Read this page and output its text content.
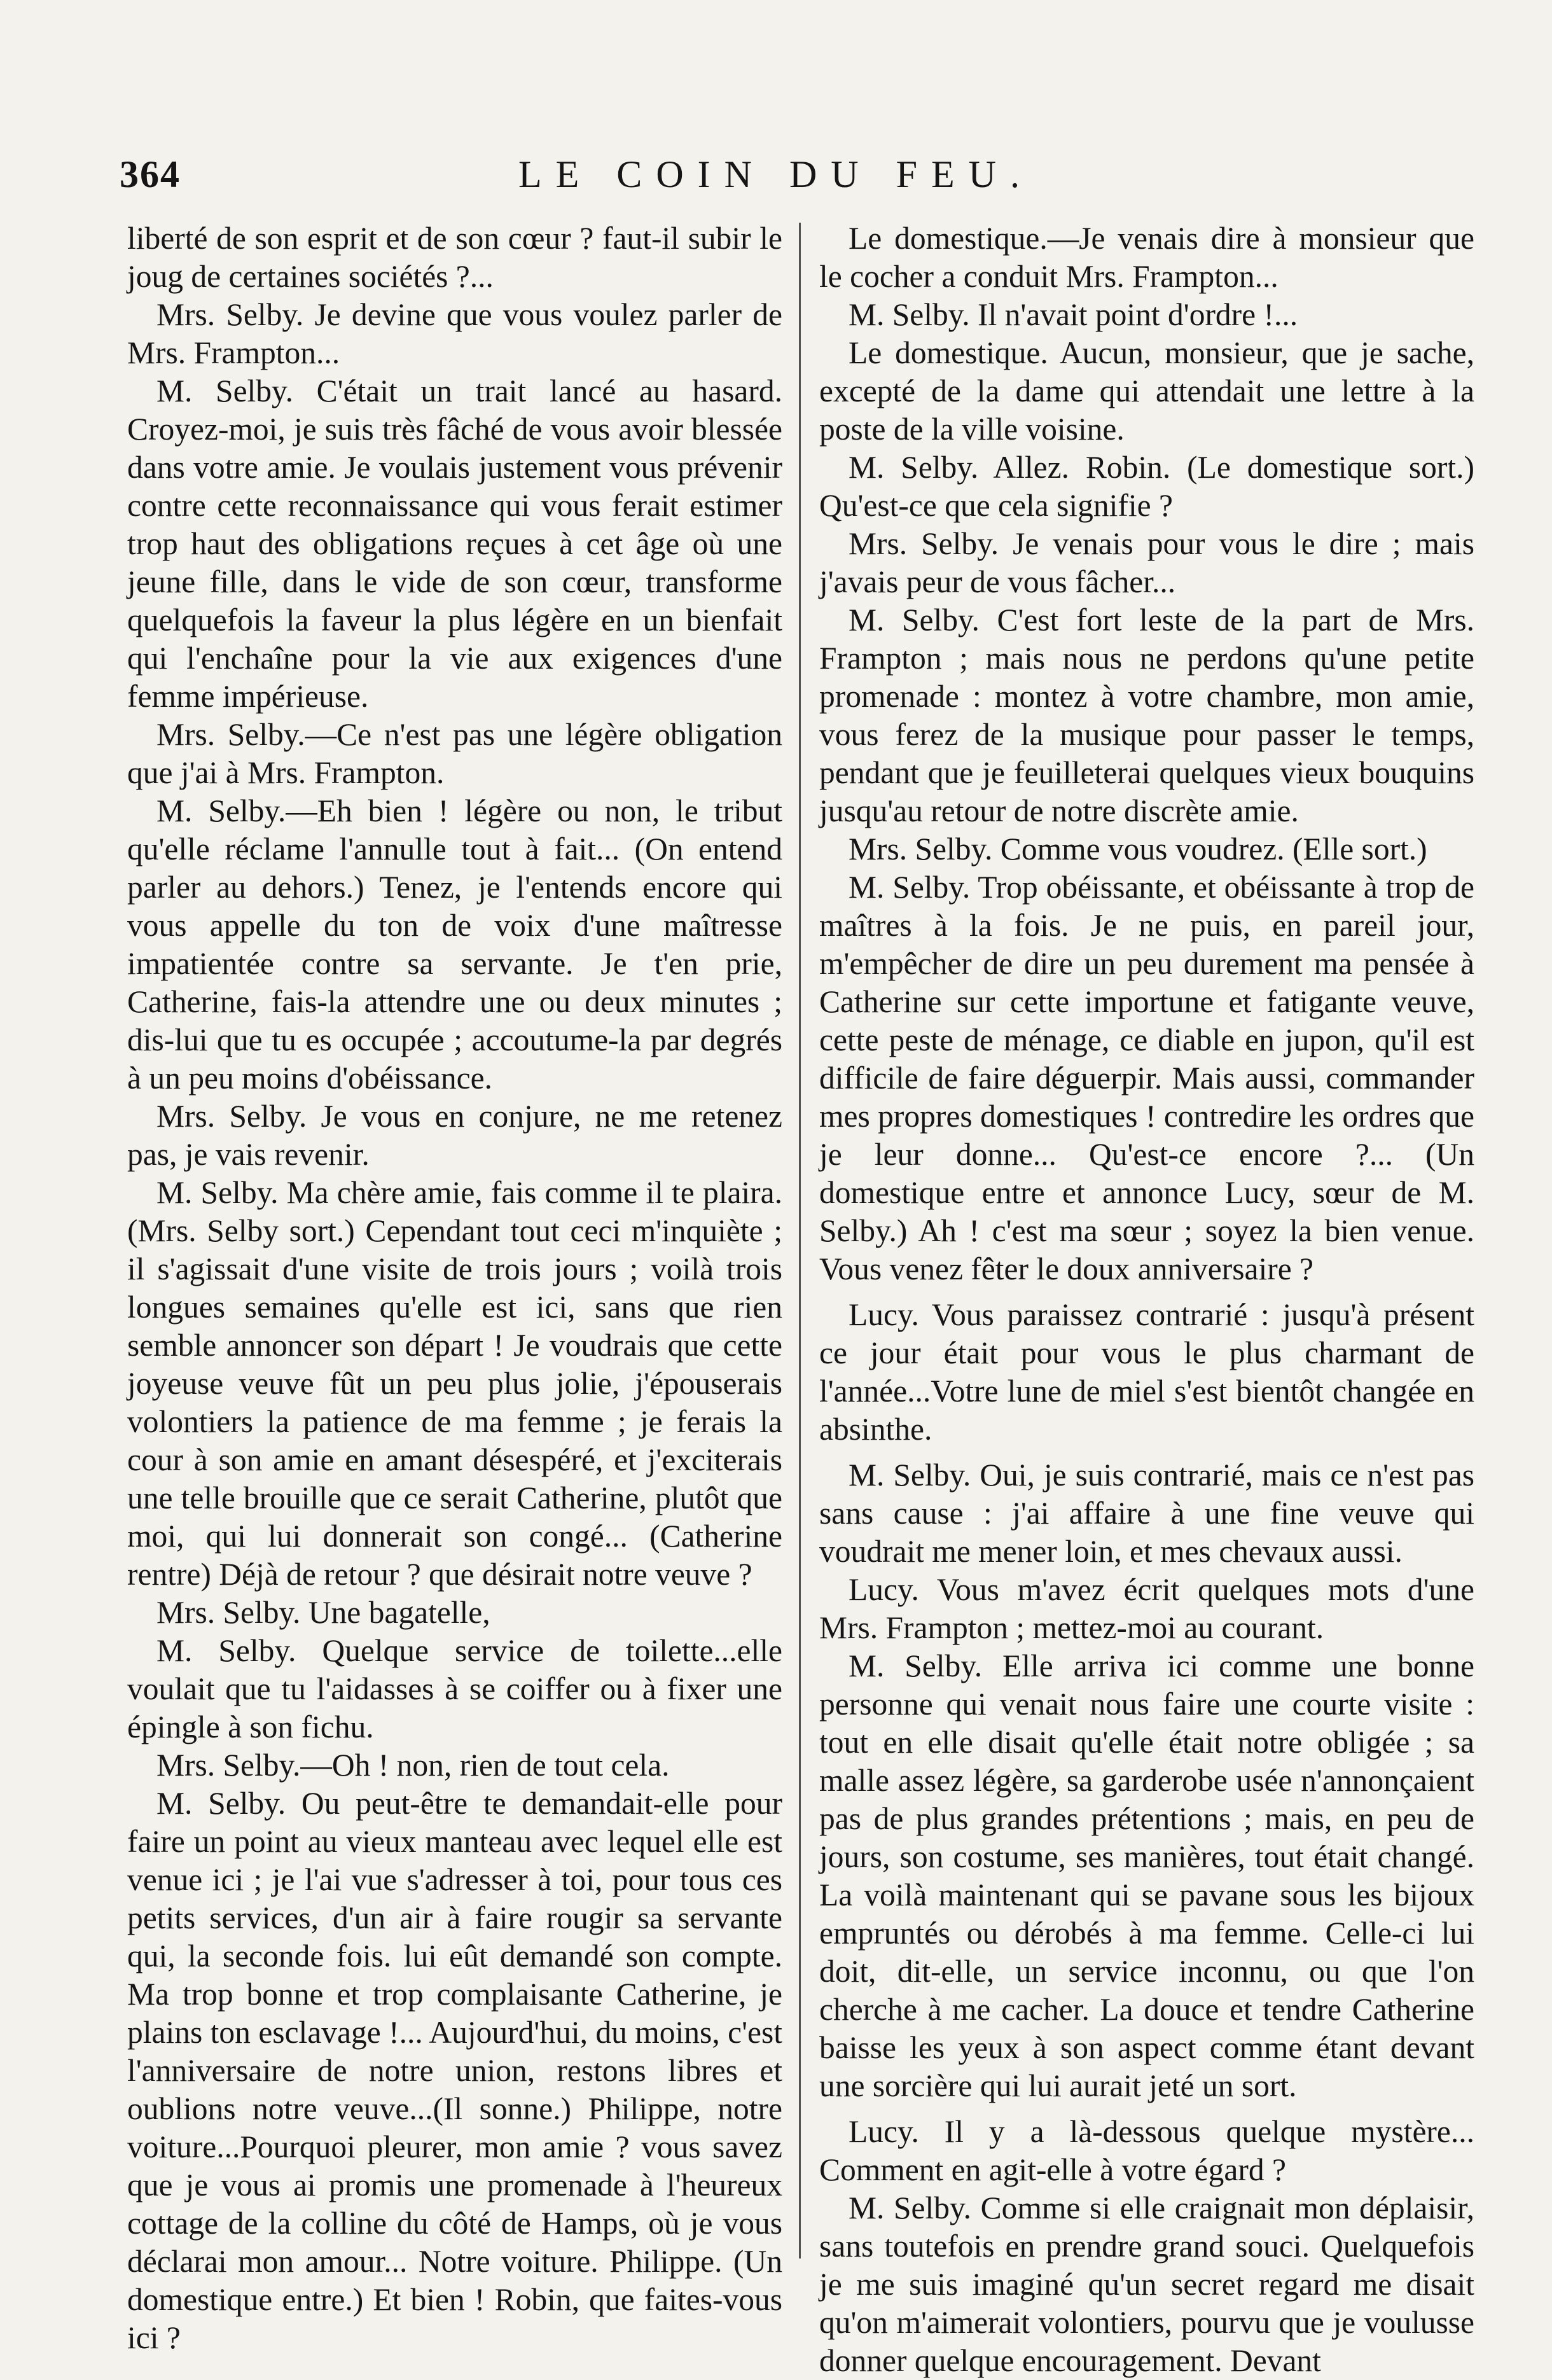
364	LE COIN DU FEU.

liberté de son esprit et de son cœur ? faut-il subir le joug de certaines sociétés ?...

Mrs. Selby. Je devine que vous voulez parler de Mrs. Frampton...

M. Selby. C'était un trait lancé au hasard. Croyez-moi, je suis très fâché de vous avoir blessée dans votre amie. Je voulais justement vous prévenir contre cette reconnaissance qui vous ferait estimer trop haut des obligations reçues à cet âge où une jeune fille, dans le vide de son cœur, transforme quelquefois la faveur la plus légère en un bienfait qui l'enchaîne pour la vie aux exigences d'une femme impérieuse.

Mrs. Selby.—Ce n'est pas une légère obligation que j'ai à Mrs. Frampton.

M. Selby.—Eh bien ! légère ou non, le tribut qu'elle réclame l'annulle tout à fait... (On entend parler au dehors.) Tenez, je l'entends encore qui vous appelle du ton de voix d'une maîtresse impatientée contre sa servante. Je t'en prie, Catherine, fais-la attendre une ou deux minutes ; dis-lui que tu es occupée ; accoutume-la par degrés à un peu moins d'obéissance.

Mrs. Selby. Je vous en conjure, ne me retenez pas, je vais revenir.

M. Selby. Ma chère amie, fais comme il te plaira. (Mrs. Selby sort.) Cependant tout ceci m'inquiète ; il s'agissait d'une visite de trois jours ; voilà trois longues semaines qu'elle est ici, sans que rien semble annoncer son départ ! Je voudrais que cette joyeuse veuve fût un peu plus jolie, j'épouserais volontiers la patience de ma femme ; je ferais la cour à son amie en amant désespéré, et j'exciterais une telle brouille que ce serait Catherine, plutôt que moi, qui lui donnerait son congé... (Catherine rentre) Déjà de retour ? que désirait notre veuve ?

Mrs. Selby. Une bagatelle,

M. Selby. Quelque service de toilette...elle voulait que tu l'aidasses à se coiffer ou à fixer une épingle à son fichu.

Mrs. Selby.—Oh ! non, rien de tout cela.

M. Selby. Ou peut-être te demandait-elle pour faire un point au vieux manteau avec lequel elle est venue ici ; je l'ai vue s'adresser à toi, pour tous ces petits services, d'un air à faire rougir sa servante qui, la seconde fois. lui eût demandé son compte. Ma trop bonne et trop complaisante Catherine, je plains ton esclavage !... Aujourd'hui, du moins, c'est l'anniversaire de notre union, restons libres et oublions notre veuve...(Il sonne.) Philippe, notre voiture...Pourquoi pleurer, mon amie ? vous savez que je vous ai promis une promenade à l'heureux cottage de la colline du côté de Hamps, où je vous déclarai mon amour... Notre voiture. Philippe. (Un domestique entre.) Et bien ! Robin, que faites-vous ici ?

Le domestique.—Je venais dire à monsieur que le cocher a conduit Mrs. Frampton...

M. Selby. Il n'avait point d'ordre !...

Le domestique. Aucun, monsieur, que je sache, excepté de la dame qui attendait une lettre à la poste de la ville voisine.

M. Selby. Allez. Robin. (Le domestique sort.) Qu'est-ce que cela signifie ?

Mrs. Selby. Je venais pour vous le dire ; mais j'avais peur de vous fâcher...

M. Selby. C'est fort leste de la part de Mrs. Frampton ; mais nous ne perdons qu'une petite promenade : montez à votre chambre, mon amie, vous ferez de la musique pour passer le temps, pendant que je feuilleterai quelques vieux bouquins jusqu'au retour de notre discrète amie.

Mrs. Selby. Comme vous voudrez. (Elle sort.)

M. Selby. Trop obéissante, et obéissante à trop de maîtres à la fois. Je ne puis, en pareil jour, m'empêcher de dire un peu durement ma pensée à Catherine sur cette importune et fatigante veuve, cette peste de ménage, ce diable en jupon, qu'il est difficile de faire déguerpir. Mais aussi, commander mes propres domestiques ! contredire les ordres que je leur donne... Qu'est-ce encore ?... (Un domestique entre et annonce Lucy, sœur de M. Selby.) Ah ! c'est ma sœur ; soyez la bien venue. Vous venez fêter le doux anniversaire ?

Lucy. Vous paraissez contrarié : jusqu'à présent ce jour était pour vous le plus charmant de l'année...Votre lune de miel s'est bientôt changée en absinthe.

M. Selby. Oui, je suis contrarié, mais ce n'est pas sans cause : j'ai affaire à une fine veuve qui voudrait me mener loin, et mes chevaux aussi.

Lucy. Vous m'avez écrit quelques mots d'une Mrs. Frampton ; mettez-moi au courant.

M. Selby. Elle arriva ici comme une bonne personne qui venait nous faire une courte visite : tout en elle disait qu'elle était notre obligée ; sa malle assez légère, sa garderobe usée n'annonçaient pas de plus grandes prétentions ; mais, en peu de jours, son costume, ses manières, tout était changé. La voilà maintenant qui se pavane sous les bijoux empruntés ou dérobés à ma femme. Celle-ci lui doit, dit-elle, un service inconnu, ou que l'on cherche à me cacher. La douce et tendre Catherine baisse les yeux à son aspect comme étant devant une sorcière qui lui aurait jeté un sort.

Lucy. Il y a là-dessous quelque mystère... Comment en agit-elle à votre égard ?

M. Selby. Comme si elle craignait mon déplaisir, sans toutefois en prendre grand souci. Quelquefois je me suis imaginé qu'un secret regard me disait qu'on m'aimerait volontiers, pourvu que je voulusse donner quelque encouragement. Devant
